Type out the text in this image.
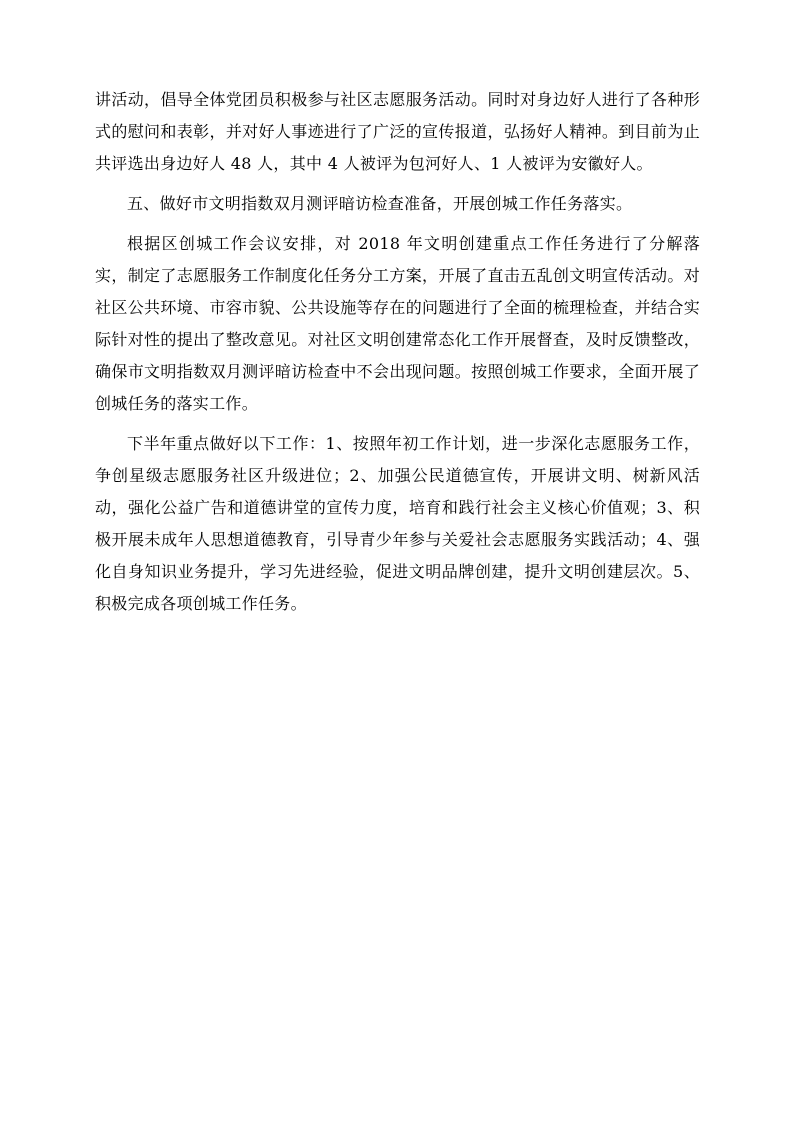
讲活动，倡导全体党团员积极参与社区志愿服务活动。同时对身边好人进行了各种形式的慰问和表彰，并对好人事迹进行了广泛的宣传报道，弘扬好人精神。到目前为止共评选出身边好人 48 人，其中 4 人被评为包河好人、1 人被评为安徽好人。

五、做好市文明指数双月测评暗访检查准备，开展创城工作任务落实。

根据区创城工作会议安排，对 2018 年文明创建重点工作任务进行了分解落实，制定了志愿服务工作制度化任务分工方案，开展了直击五乱创文明宣传活动。对社区公共环境、市容市貌、公共设施等存在的问题进行了全面的梳理检查，并结合实际针对性的提出了整改意见。对社区文明创建常态化工作开展督查，及时反馈整改，确保市文明指数双月测评暗访检查中不会出现问题。按照创城工作要求，全面开展了创城任务的落实工作。

下半年重点做好以下工作：1、按照年初工作计划，进一步深化志愿服务工作，争创星级志愿服务社区升级进位；2、加强公民道德宣传，开展讲文明、树新风活动，强化公益广告和道德讲堂的宣传力度，培育和践行社会主义核心价值观；3、积极开展未成年人思想道德教育，引导青少年参与关爱社会志愿服务实践活动；4、强化自身知识业务提升，学习先进经验，促进文明品牌创建，提升文明创建层次。5、积极完成各项创城工作任务。
